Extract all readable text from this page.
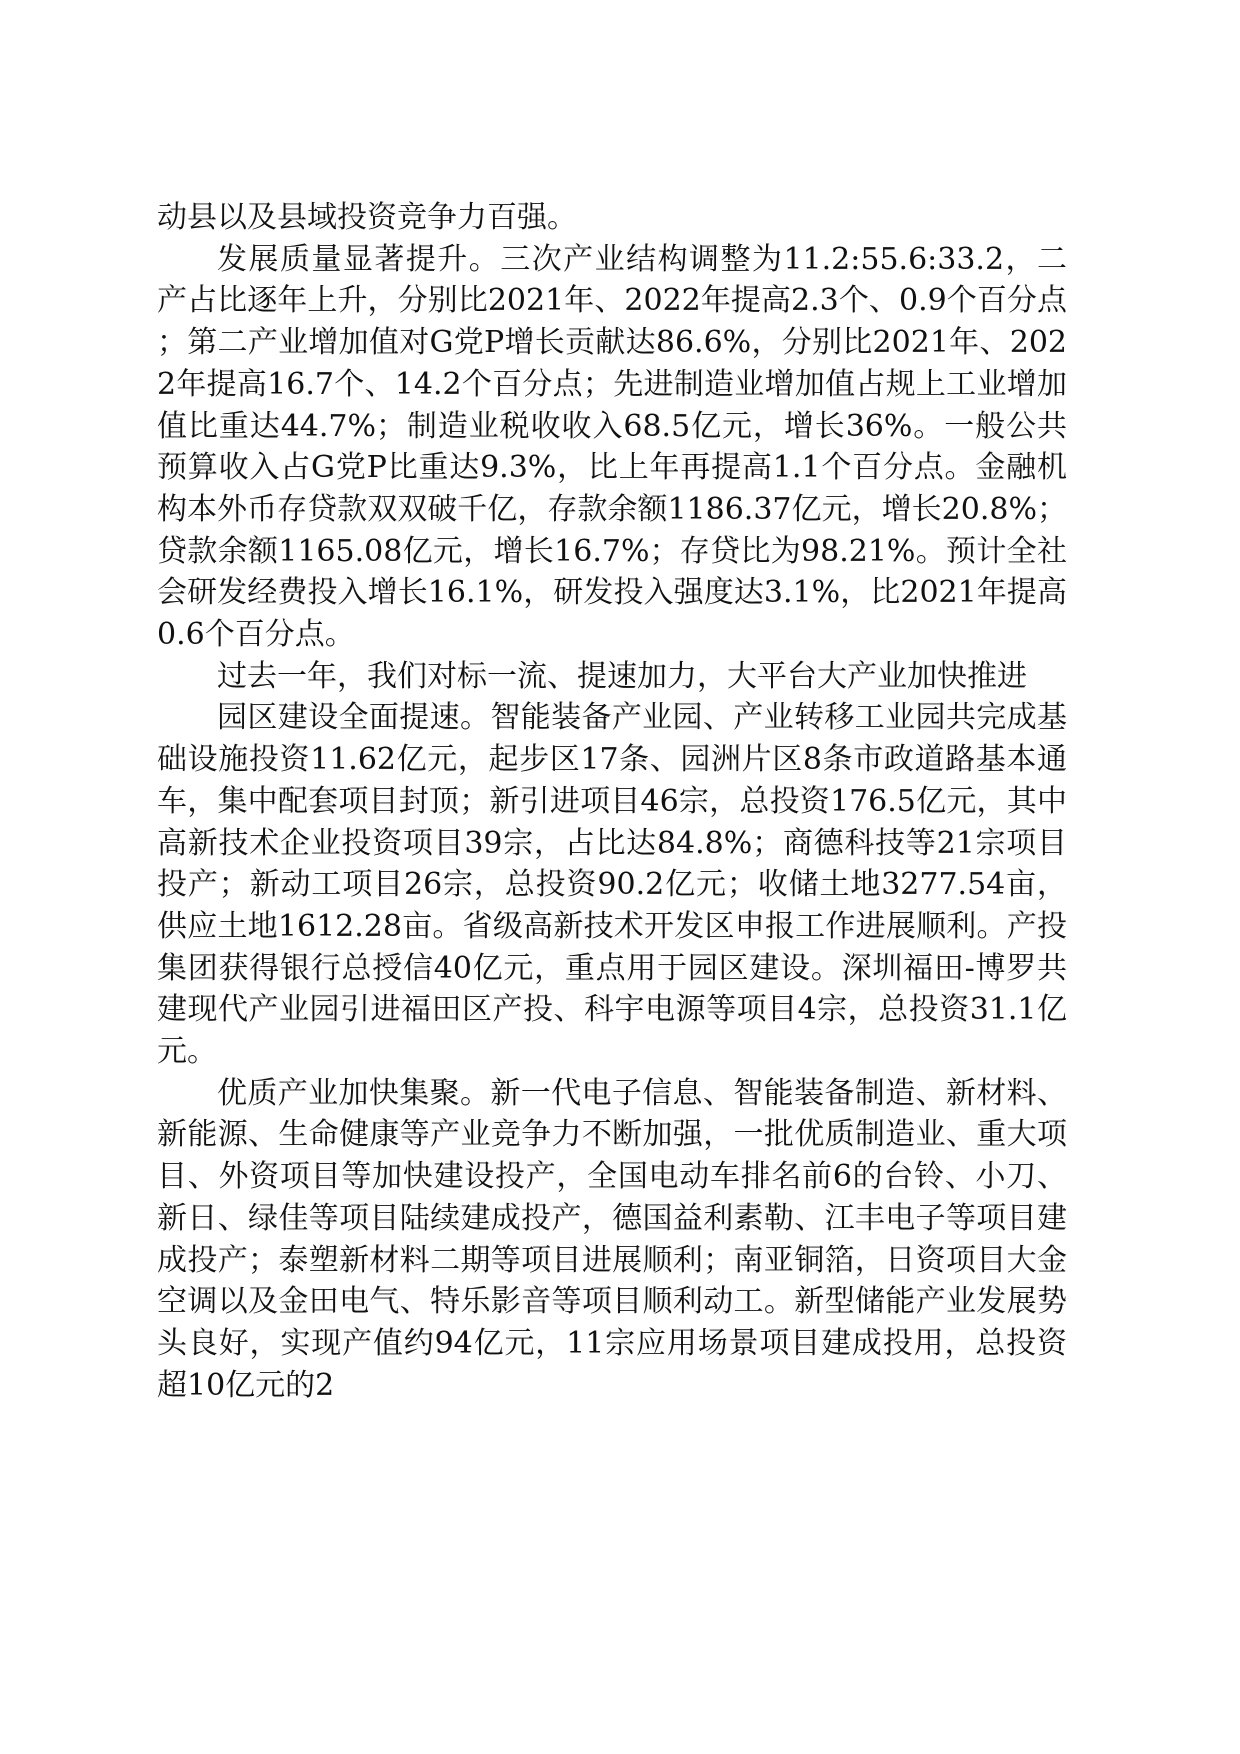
动县以及县域投资竞争力百强。

发展质量显著提升。三次产业结构调整为11.2:55.6:33.2，二产占比逐年上升，分别比2021年、2022年提高2.3个、0.9个百分点；第二产业增加值对G党P增长贡献达86.6%，分别比2021年、2022年提高16.7个、14.2个百分点；先进制造业增加值占规上工业增加值比重达44.7%；制造业税收收入68.5亿元，增长36%。一般公共预算收入占G党P比重达9.3%，比上年再提高1.1个百分点。金融机构本外币存贷款双双破千亿，存款余额1186.37亿元，增长20.8%；贷款余额1165.08亿元，增长16.7%；存贷比为98.21%。预计全社会研发经费投入增长16.1%，研发投入强度达3.1%，比2021年提高0.6个百分点。

过去一年，我们对标一流、提速加力，大平台大产业加快推进

园区建设全面提速。智能装备产业园、产业转移工业园共完成基础设施投资11.62亿元，起步区17条、园洲片区8条市政道路基本通车，集中配套项目封顶；新引进项目46宗，总投资176.5亿元，其中高新技术企业投资项目39宗，占比达84.8%；商德科技等21宗项目投产；新动工项目26宗，总投资90.2亿元；收储土地3277.54亩，供应土地1612.28亩。省级高新技术开发区申报工作进展顺利。产投集团获得银行总授信40亿元，重点用于园区建设。深圳福田-博罗共建现代产业园引进福田区产投、科宇电源等项目4宗，总投资31.1亿元。

优质产业加快集聚。新一代电子信息、智能装备制造、新材料、新能源、生命健康等产业竞争力不断加强，一批优质制造业、重大项目、外资项目等加快建设投产，全国电动车排名前6的台铃、小刀、新日、绿佳等项目陆续建成投产，德国益利素勒、江丰电子等项目建成投产；泰塑新材料二期等项目进展顺利；南亚铜箔，日资项目大金空调以及金田电气、特乐影音等项目顺利动工。新型储能产业发展势头良好，实现产值约94亿元，11宗应用场景项目建成投用，总投资超10亿元的2
